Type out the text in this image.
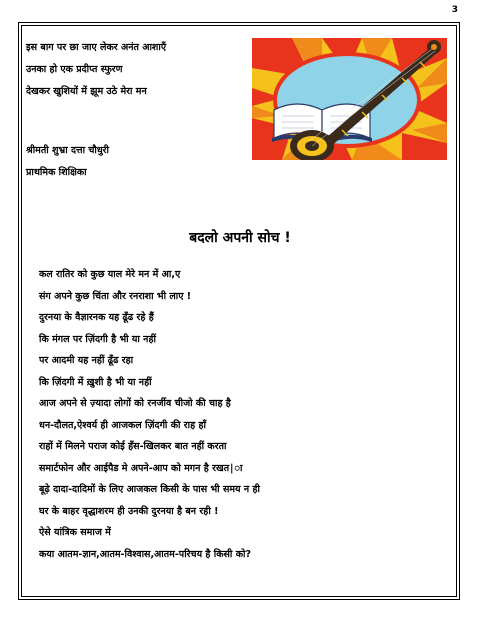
3
इस बाग पर छा जाए लेकर अनंत आशाएँ
उनका हो एक प्रदीप्त स्फुरण
देखकर खुशियों में झूम उठे मेरा मन
श्रीमती शुभ्रा दत्ता चौधुरी
प्राथमिक शिक्षिका
बदलो अपनी सोच !
कल रातिर को कुछ याल मेरे मन में आ,ए
संग अपने कुछ चिंता और रनराशा भी लाए !
दुरनया के वैज्ञारनक यह ढूँढ रहे हैं
कि मंगल पर ज़िंदगी है भी या नहीं
पर आदमी यह नहीं ढूँढ रहा
कि ज़िंदगी में ख़ुशी है भी या नहीं
आज अपने से ज़्यादा लोगों को रनर्जीव चीजो की चाह है
धन-दौलत,ऐश्वर्य ही आजकल ज़िंदगी की राह हाँ
राहों में मिलने पराज कोई हँस-खिलकर बात नहीं करता
समार्टफोन और आईपैड मे अपने-आप को मगन है रखत|ा
बूढ़े दादा-दादिमों के लिए आजकल किसी के पास भी समय न ही
घर के बाहर वृद्धाशरम ही उनकी दुरनया है बन रही !
ऐसे यांत्रिक समाज में
कया आतम-ज्ञान,आतम-विश्वास,आतम-परिचय है किसी को?
